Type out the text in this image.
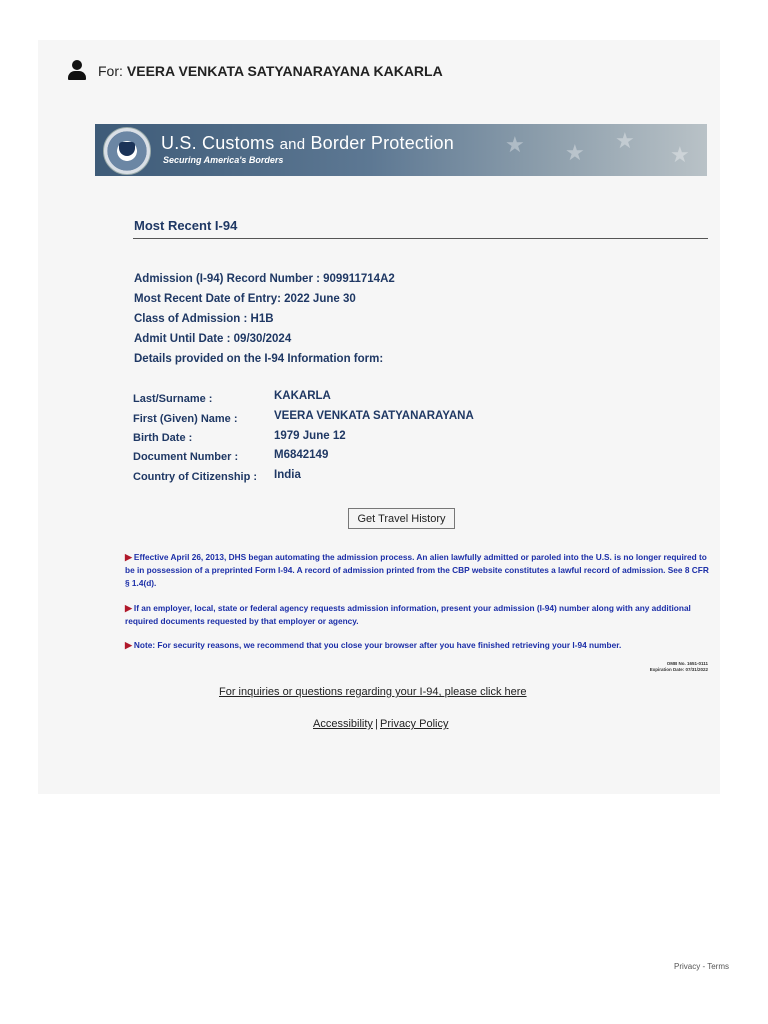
For: VEERA VENKATA SATYANARAYANA KAKARLA
★ ★ ★
★
U.S. Customs and Border Protection
Securing America's Borders
Most Recent I-94
Admission (I-94) Record Number : 909911714A2
Most Recent Date of Entry: 2022 June 30
Class of Admission : H1B
Admit Until Date : 09/30/2024
Details provided on the I-94 Information form:
Last/Surname :	KAKARLA
First (Given) Name :	VEERA VENKATA SATYANARAYANA
Birth Date :	1979 June 12
Document Number :	M6842149
Country of Citizenship : India
Get Travel History
▶ Effective April 26, 2013, DHS began automating the admission process. An alien lawfully admitted or paroled into the U.S. is no longer required to be in possession of a preprinted Form I-94. A record of admission printed from the CBP website constitutes a lawful record of admission. See 8 CFR § 1.4(d).
▶ If an employer, local, state or federal agency requests admission information, present your admission (I-94) number along with any additional required documents requested by that employer or agency.
▶ Note: For security reasons, we recommend that you close your browser after you have finished retrieving your I-94 number.
OMB No. 1651-0111
Expiration Date: 07/31/2022
For inquiries or questions regarding your I-94, please click here
Accessibility | Privacy Policy
Privacy - Terms
